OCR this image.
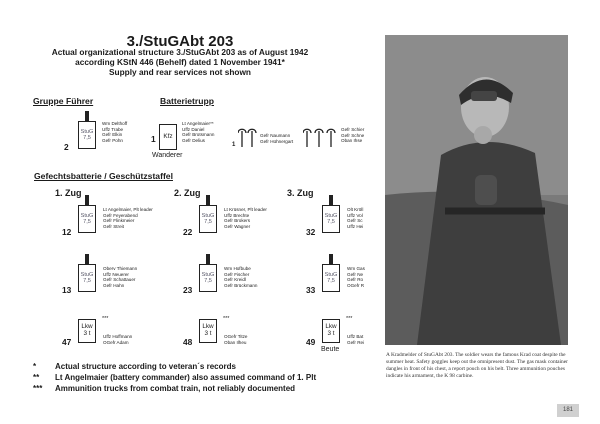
3./StuGAbt 203
Actual organizational structure 3./StuGAbt 203 as of August 1942
according KStN 446 (Behelf) dated 1 November 1941*
Supply and rear services not shown
Gruppe Führer	Batterietrupp
StuG
7,5
2
Wm Delthoff
Uffz Trabe
Gefr Elkin
Gefr Pohn
Kfz
1
Wanderer
Lt Angelmaier**
Uffz Daniel
Gefr Brotsmann
Gefr Delius
1
Gefr Naumann
Gefr Hühnergart
Gefr Schier
Gefr Schne
Oban Ihse
Gefechtsbatterie / Geschützstaffel
1. Zug	2. Zug	3. Zug
StuG 7,5
12
Lt Angelmaier, Plt leader
Gefr Feyerabend
Gefr Flinkmeier
Gefr Streit
StuG 7,5
13
Oberv Thiemann
Uffz Neuerer
Gefr Schattauer
Gefr Hahn
Lkw
3 t
47
***
Uffz Hoffmann
OGefr Adam
StuG 7,5
22
Lt Krüsner, Plt leader
Uffz Brechte
Gefr Brokers
Gefr Wagner
StuG 7,5
23
Wm Hofbube
Gefr Fischer
Gefr Kreidl
Gefr Brückmann
Lkw
3 t
48
***
OGefr Titze
Oban Ilheu
StuG 7,5
32
Olt Kröll
Uffz Vol
Gefr Sc
Uffz Hei
StuG 7,5
33
Wm Gas
Gefr Ne
Gefr Ro
OGefr R
Lkw
3 t
49
***
Uffz Bat
Gefr Rei
Beute
* Actual structure according to veteran´s records
** Lt Angelmaier (battery commander) also assumed command of 1. Plt
*** Ammunition trucks from combat train, not reliably documented
A Kradmelder of StuGAbt 203. The soldier wears the famous Krad coat despite the summer heat. Safety goggles keep out the omnipresent dust. The gas mask container dangles in front of his chest, a report pouch on his belt. Three ammunition pouches indicate his armament, the K 98 carbine.
181
